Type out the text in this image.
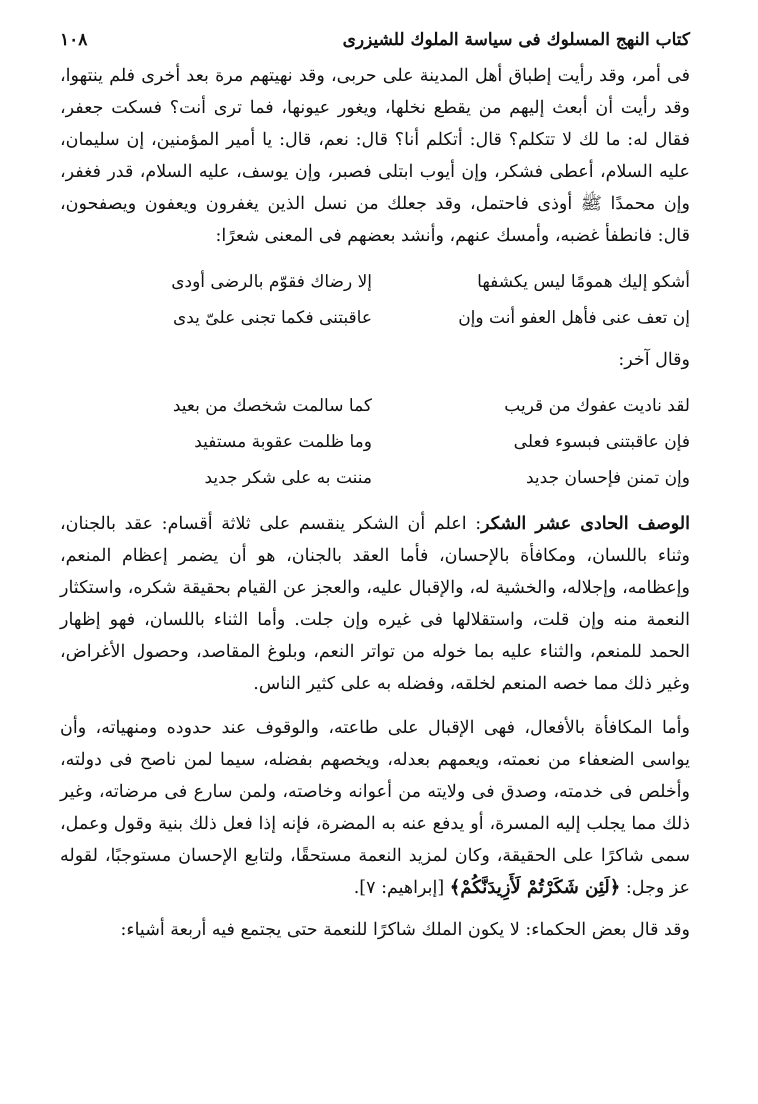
كتاب النهج المسلوك فى سياسة الملوك للشيزرى
١٠٨

فى أمر، وقد رأيت إطباق أهل المدينة على حربى، وقد نهيتهم مرة بعد أخرى فلم ينتهوا، وقد رأيت أن أبعث إليهم من يقطع نخلها، ويغور عيونها، فما ترى أنت؟ فسكت جعفر، فقال له: ما لك لا تتكلم؟ قال: أتكلم أنا؟ قال: نعم، قال: يا أمير المؤمنين، إن سليمان، عليه السلام، أعطى فشكر، وإن أيوب ابتلى فصبر، وإن يوسف، عليه السلام، قدر فغفر، وإن محمدًا ﷺ أوذى فاحتمل، وقد جعلك من نسل الذين يغفرون ويعفون ويصفحون، قال: فانطفأ غضبه، وأمسك عنهم، وأنشد بعضهم فى المعنى شعرًا:

أشكو إليك همومًا ليس يكشفها
إلا رضاك فقوّم بالرضى أودى
إن تعف عنى فأهل العفو أنت وإن
عاقبتنى فكما تجنى علىّ يدى
وقال آخر:
لقد ناديت عفوك من قريب
كما سالمت شخصك من بعيد
فإن عاقبتنى فبسوء فعلى
وما ظلمت عقوبة مستفيد
وإن تمنن فإحسان جديد
مننت به على شكر جديد

الوصف الحادى عشر الشكر: اعلم أن الشكر ينقسم على ثلاثة أقسام: عقد بالجنان، وثناء باللسان، ومكافأة بالإحسان، فأما العقد بالجنان، هو أن يضمر إعظام المنعم، وإعظامه، وإجلاله، والخشية له، والإقبال عليه، والعجز عن القيام بحقيقة شكره، واستكثار النعمة منه وإن قلت، واستقلالها فى غيره وإن جلت. وأما الثناء باللسان، فهو إظهار الحمد للمنعم، والثناء عليه بما خوله من تواتر النعم، وبلوغ المقاصد، وحصول الأغراض، وغير ذلك مما خصه المنعم لخلقه، وفضله به على كثير الناس.

وأما المكافأة بالأفعال، فهى الإقبال على طاعته، والوقوف عند حدوده ومنهياته، وأن يواسى الضعفاء من نعمته، ويعمهم بعدله، ويخصهم بفضله، سيما لمن ناصح فى دولته، وأخلص فى خدمته، وصدق فى ولايته من أعوانه وخاصته، ولمن سارع فى مرضاته، وغير ذلك مما يجلب إليه المسرة، أو يدفع عنه به المضرة، فإنه إذا فعل ذلك بنية وقول وعمل، سمى شاكرًا على الحقيقة، وكان لمزيد النعمة مستحقًا، ولتابع الإحسان مستوجبًا، لقوله عز وجل: ﴿لَئِن شَكَرْتُمْ لَأَزِيدَنَّكُمْ﴾ [إبراهيم: ٧].

وقد قال بعض الحكماء: لا يكون الملك شاكرًا للنعمة حتى يجتمع فيه أربعة أشياء:
